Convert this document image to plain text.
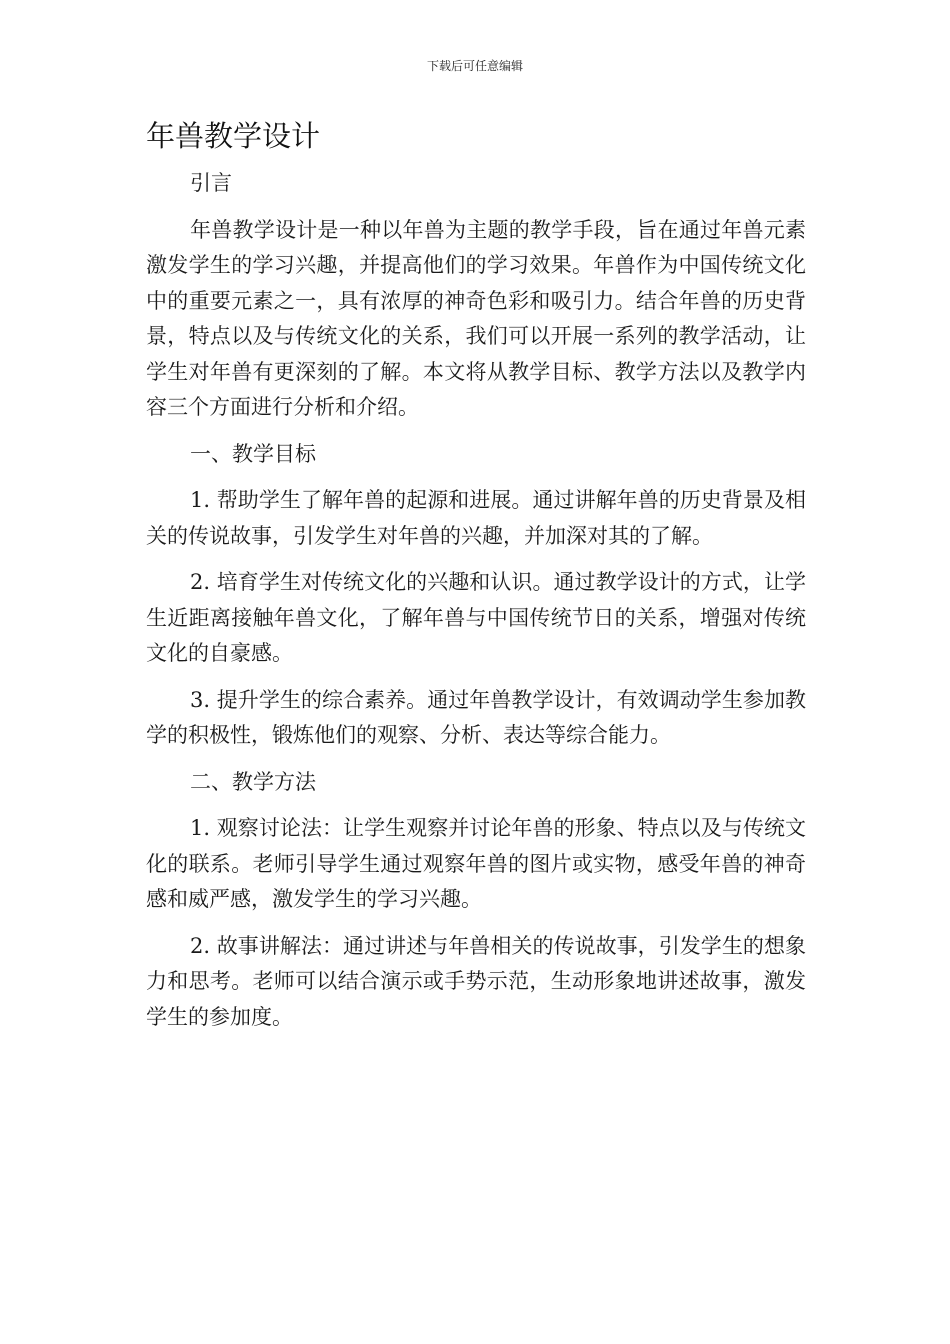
下载后可任意编辑
年兽教学设计

引言

年兽教学设计是一种以年兽为主题的教学手段，旨在通过年兽元素激发学生的学习兴趣，并提高他们的学习效果。年兽作为中国传统文化中的重要元素之一，具有浓厚的神奇色彩和吸引力。结合年兽的历史背景，特点以及与传统文化的关系，我们可以开展一系列的教学活动，让学生对年兽有更深刻的了解。本文将从教学目标、教学方法以及教学内容三个方面进行分析和介绍。

一、教学目标

1. 帮助学生了解年兽的起源和进展。通过讲解年兽的历史背景及相关的传说故事，引发学生对年兽的兴趣，并加深对其的了解。

2. 培育学生对传统文化的兴趣和认识。通过教学设计的方式，让学生近距离接触年兽文化，了解年兽与中国传统节日的关系，增强对传统文化的自豪感。

3. 提升学生的综合素养。通过年兽教学设计，有效调动学生参加教学的积极性，锻炼他们的观察、分析、表达等综合能力。

二、教学方法

1. 观察讨论法：让学生观察并讨论年兽的形象、特点以及与传统文化的联系。老师引导学生通过观察年兽的图片或实物，感受年兽的神奇感和威严感，激发学生的学习兴趣。

2. 故事讲解法：通过讲述与年兽相关的传说故事，引发学生的想象力和思考。老师可以结合演示或手势示范，生动形象地讲述故事，激发学生的参加度。
